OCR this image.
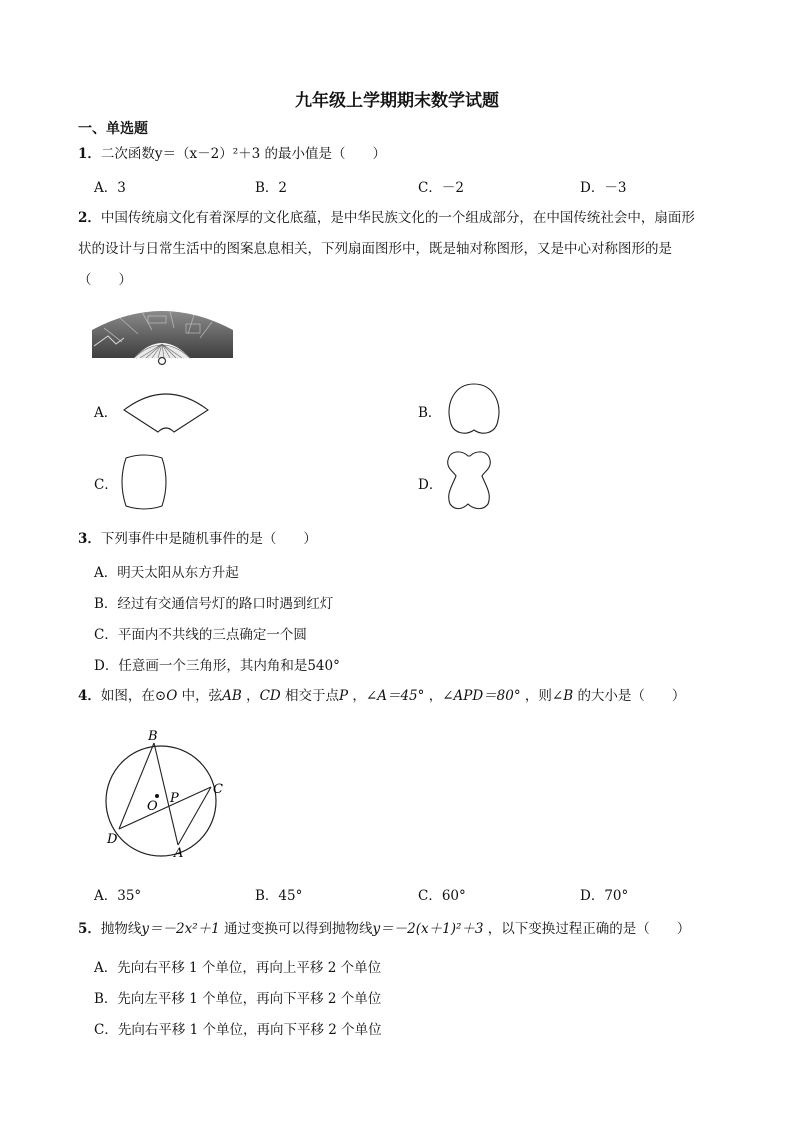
九年级上学期期末数学试题
一、单选题
1．二次函数y＝（x－2）²＋3 的最小值是（　　）
A．3	B．2	C．－2	D．－3
2．中国传统扇文化有着深厚的文化底蕴，是中华民族文化的一个组成部分，在中国传统社会中，扇面形
状的设计与日常生活中的图案息息相关，下列扇面图形中，既是轴对称图形，又是中心对称图形的是
（　　）
A．	B．
C．	D．
3．下列事件中是随机事件的是（　　）
A．明天太阳从东方升起
B．经过有交通信号灯的路口时遇到红灯
C．平面内不共线的三点确定一个圆
D．任意画一个三角形，其内角和是540°
4．如图，在⊙O 中，弦AB ，CD 相交于点P ，∠A＝45° ，∠APD＝80° ，则∠B 的大小是（　　）
B
O
P
C
D
A
A．35°	B．45°	C．60°	D．70°
5．抛物线y＝－2x²＋1 通过变换可以得到抛物线y＝－2(x＋1)²＋3 ，以下变换过程正确的是（　　）
A．先向右平移 1 个单位，再向上平移 2 个单位
B．先向左平移 1 个单位，再向下平移 2 个单位
C．先向右平移 1 个单位，再向下平移 2 个单位
